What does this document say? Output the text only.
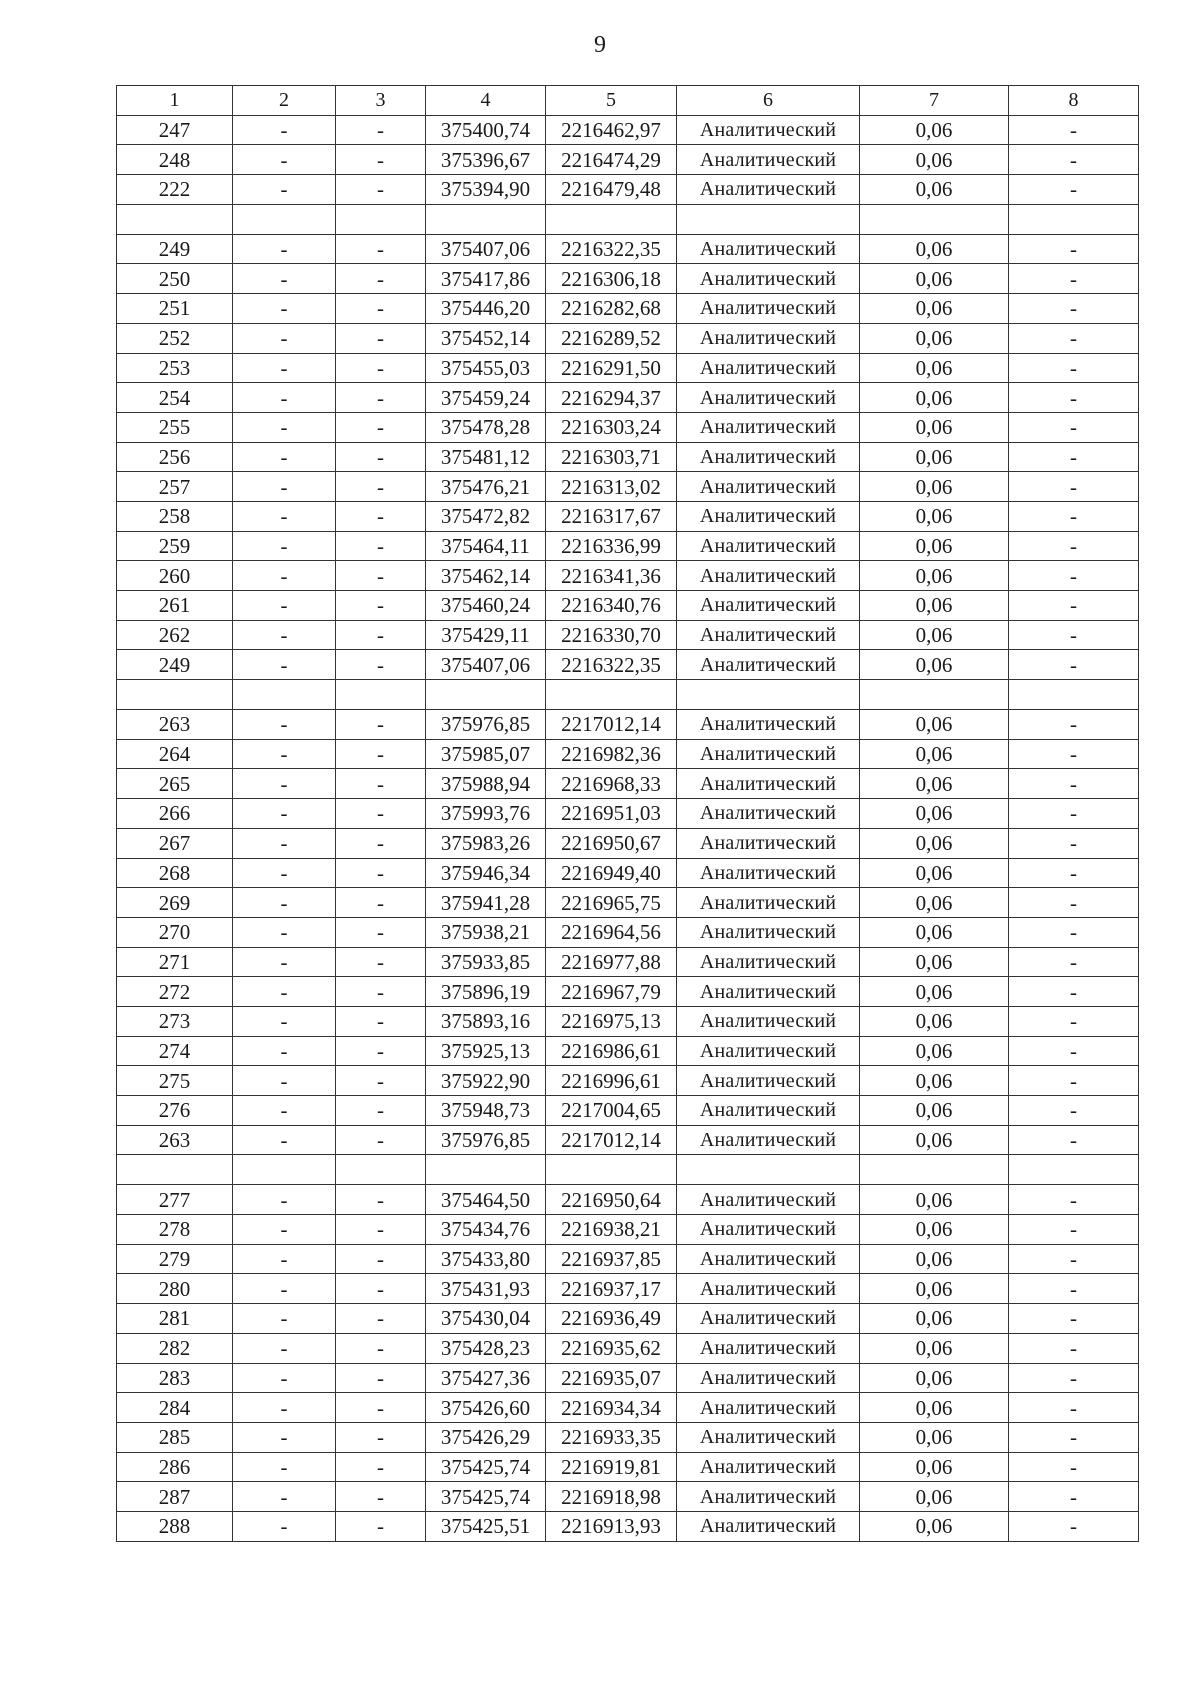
9
1	2	3	4	5	6	7	8
247	-	-	375400,74	2216462,97	Аналитический	0,06	-
248	-	-	375396,67	2216474,29	Аналитический	0,06	-
222	-	-	375394,90	2216479,48	Аналитический	0,06	-

249	-	-	375407,06	2216322,35	Аналитический	0,06	-
250	-	-	375417,86	2216306,18	Аналитический	0,06	-
251	-	-	375446,20	2216282,68	Аналитический	0,06	-
252	-	-	375452,14	2216289,52	Аналитический	0,06	-
253	-	-	375455,03	2216291,50	Аналитический	0,06	-
254	-	-	375459,24	2216294,37	Аналитический	0,06	-
255	-	-	375478,28	2216303,24	Аналитический	0,06	-
256	-	-	375481,12	2216303,71	Аналитический	0,06	-
257	-	-	375476,21	2216313,02	Аналитический	0,06	-
258	-	-	375472,82	2216317,67	Аналитический	0,06	-
259	-	-	375464,11	2216336,99	Аналитический	0,06	-
260	-	-	375462,14	2216341,36	Аналитический	0,06	-
261	-	-	375460,24	2216340,76	Аналитический	0,06	-
262	-	-	375429,11	2216330,70	Аналитический	0,06	-
249	-	-	375407,06	2216322,35	Аналитический	0,06	-

263	-	-	375976,85	2217012,14	Аналитический	0,06	-
264	-	-	375985,07	2216982,36	Аналитический	0,06	-
265	-	-	375988,94	2216968,33	Аналитический	0,06	-
266	-	-	375993,76	2216951,03	Аналитический	0,06	-
267	-	-	375983,26	2216950,67	Аналитический	0,06	-
268	-	-	375946,34	2216949,40	Аналитический	0,06	-
269	-	-	375941,28	2216965,75	Аналитический	0,06	-
270	-	-	375938,21	2216964,56	Аналитический	0,06	-
271	-	-	375933,85	2216977,88	Аналитический	0,06	-
272	-	-	375896,19	2216967,79	Аналитический	0,06	-
273	-	-	375893,16	2216975,13	Аналитический	0,06	-
274	-	-	375925,13	2216986,61	Аналитический	0,06	-
275	-	-	375922,90	2216996,61	Аналитический	0,06	-
276	-	-	375948,73	2217004,65	Аналитический	0,06	-
263	-	-	375976,85	2217012,14	Аналитический	0,06	-

277	-	-	375464,50	2216950,64	Аналитический	0,06	-
278	-	-	375434,76	2216938,21	Аналитический	0,06	-
279	-	-	375433,80	2216937,85	Аналитический	0,06	-
280	-	-	375431,93	2216937,17	Аналитический	0,06	-
281	-	-	375430,04	2216936,49	Аналитический	0,06	-
282	-	-	375428,23	2216935,62	Аналитический	0,06	-
283	-	-	375427,36	2216935,07	Аналитический	0,06	-
284	-	-	375426,60	2216934,34	Аналитический	0,06	-
285	-	-	375426,29	2216933,35	Аналитический	0,06	-
286	-	-	375425,74	2216919,81	Аналитический	0,06	-
287	-	-	375425,74	2216918,98	Аналитический	0,06	-
288	-	-	375425,51	2216913,93	Аналитический	0,06	-
